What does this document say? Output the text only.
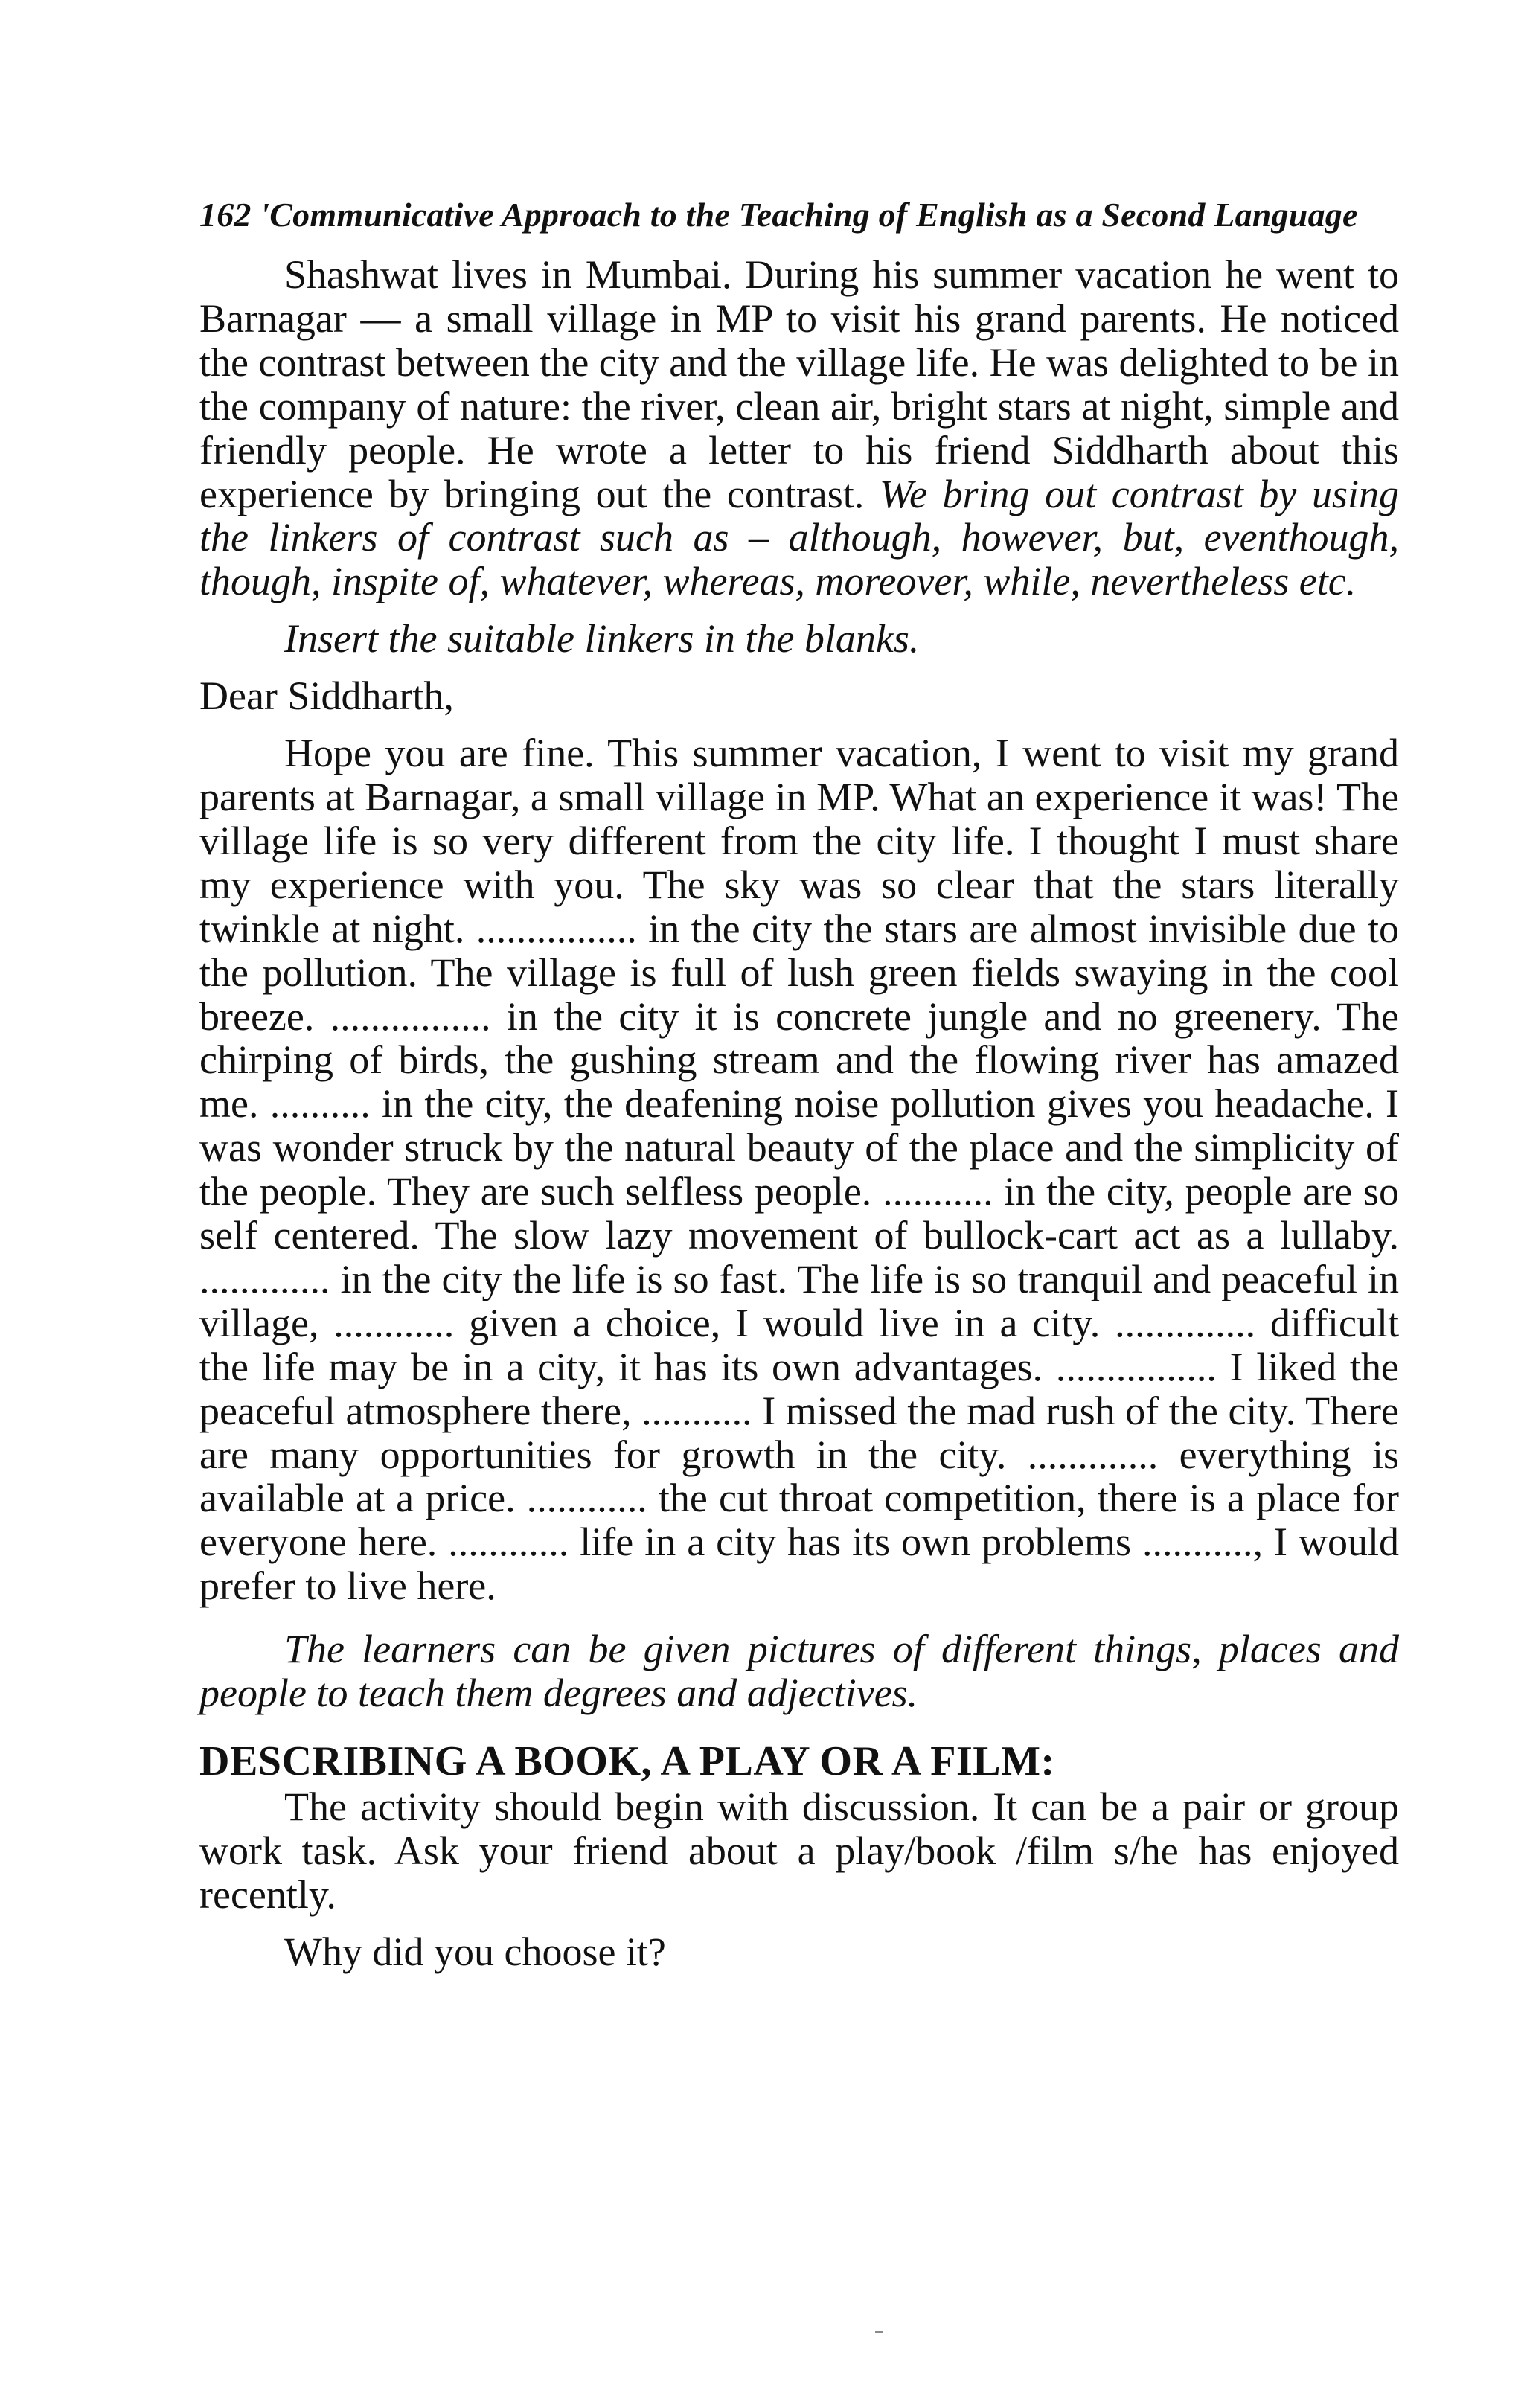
162 'Communicative Approach to the Teaching of English as a Second Language

Shashwat lives in Mumbai. During his summer vacation he went to Barnagar — a small village in MP to visit his grand parents. He noticed the contrast between the city and the village life. He was delighted to be in the company of nature: the river, clean air, bright stars at night, simple and friendly people. He wrote a letter to his friend Siddharth about this experience by bringing out the contrast. We bring out contrast by using the linkers of contrast such as – although, however, but, eventhough, though, inspite of, whatever, whereas, moreover, while, nevertheless etc.

Insert the suitable linkers in the blanks.

Dear Siddharth,

Hope you are fine. This summer vacation, I went to visit my grand parents at Barnagar, a small village in MP. What an experience it was! The village life is so very different from the city life. I thought I must share my experience with you. The sky was so clear that the stars literally twinkle at night. ................ in the city the stars are almost invisible due to the pollution. The village is full of lush green fields swaying in the cool breeze. ................ in the city it is concrete jungle and no greenery. The chirping of birds, the gushing stream and the flowing river has amazed me. .......... in the city, the deafening noise pollution gives you headache. I was wonder struck by the natural beauty of the place and the simplicity of the people. They are such selfless people. ........... in the city, people are so self centered. The slow lazy movement of bullock-cart act as a lullaby. ............. in the city the life is so fast. The life is so tranquil and peaceful in village, ............ given a choice, I would live in a city. .............. difficult the life may be in a city, it has its own advantages. ................ I liked the peaceful atmosphere there, ........... I missed the mad rush of the city. There are many opportunities for growth in the city. ............. everything is available at a price. ............ the cut throat competition, there is a place for everyone here. ............ life in a city has its own problems ..........., I would prefer to live here.

The learners can be given pictures of different things, places and people to teach them degrees and adjectives.

DESCRIBING A BOOK, A PLAY OR A FILM:

The activity should begin with discussion. It can be a pair or group work task. Ask your friend about a play/book /film s/he has enjoyed recently.

Why did you choose it?
